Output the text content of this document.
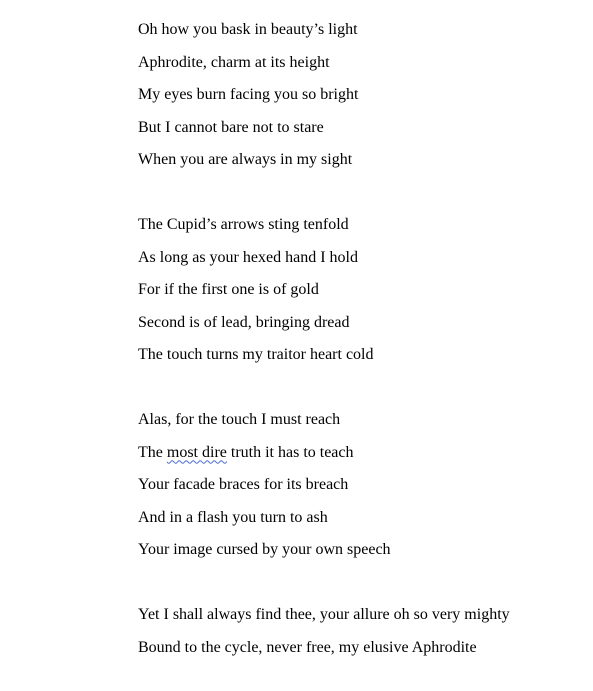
Oh how you bask in beauty’s light
Aphrodite, charm at its height
My eyes burn facing you so bright
But I cannot bare not to stare
When you are always in my sight
The Cupid’s arrows sting tenfold
As long as your hexed hand I hold
For if the first one is of gold
Second is of lead, bringing dread
The touch turns my traitor heart cold
Alas, for the touch I must reach
The most dire truth it has to teach
Your facade braces for its breach
And in a flash you turn to ash
Your image cursed by your own speech
Yet I shall always find thee, your allure oh so very mighty
Bound to the cycle, never free, my elusive Aphrodite
